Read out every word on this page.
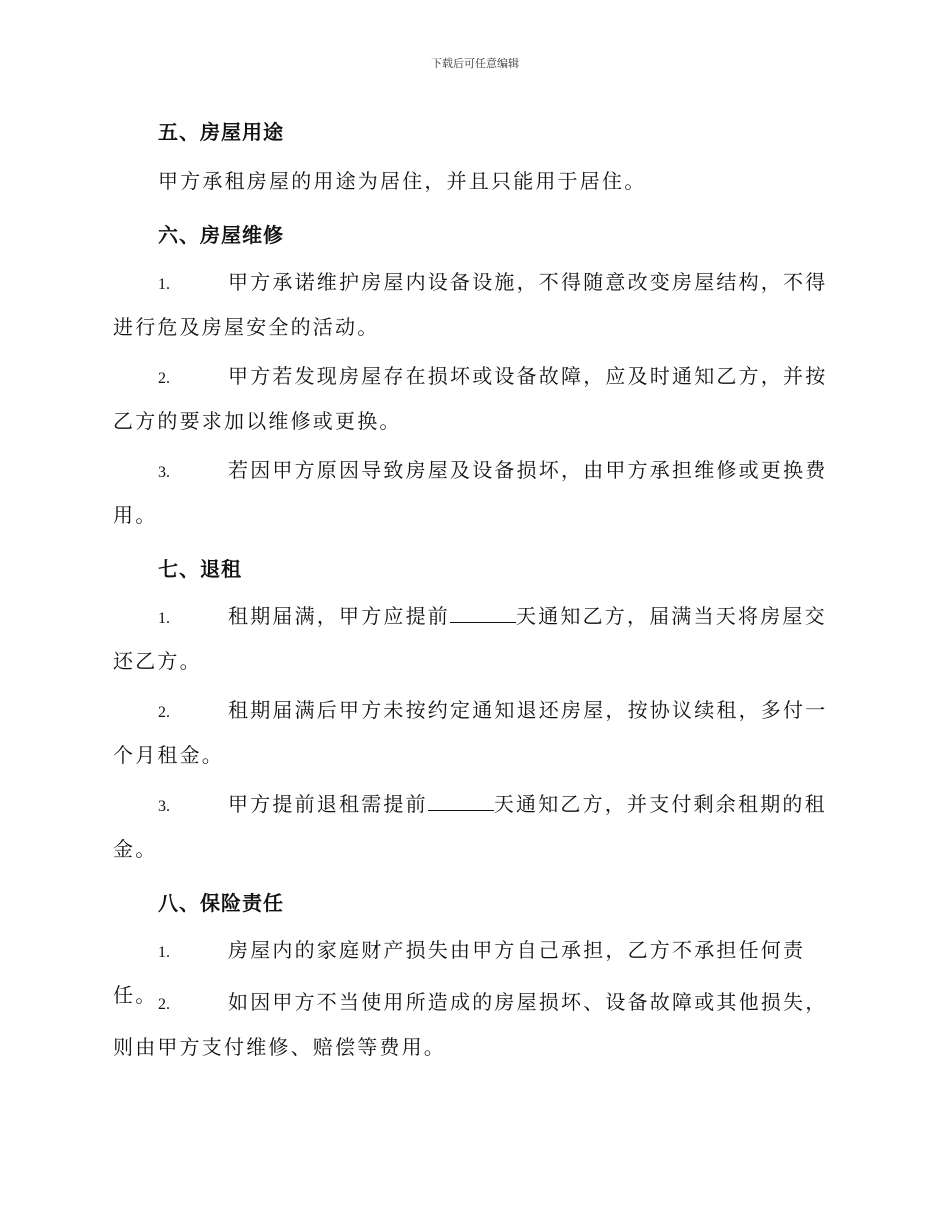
下载后可任意编辑
五、房屋用途
甲方承租房屋的用途为居住，并且只能用于居住。
六、房屋维修
1.	甲方承诺维护房屋内设备设施，不得随意改变房屋结构，不得进行危及房屋安全的活动。
2.	甲方若发现房屋存在损坏或设备故障，应及时通知乙方，并按乙方的要求加以维修或更换。
3.	若因甲方原因导致房屋及设备损坏，由甲方承担维修或更换费用。
七、退租
1.	租期届满，甲方应提前	天通知乙方，届满当天将房屋交还乙方。
2.	租期届满后甲方未按约定通知退还房屋，按协议续租，多付一个月租金。
3.	甲方提前退租需提前	天通知乙方，并支付剩余租期的租金。
八、保险责任
1.	房屋内的家庭财产损失由甲方自己承担，乙方不承担任何责任。 2.	如因甲方不当使用所造成的房屋损坏、设备故障或其他损失，则由甲方支付维修、赔偿等费用。
